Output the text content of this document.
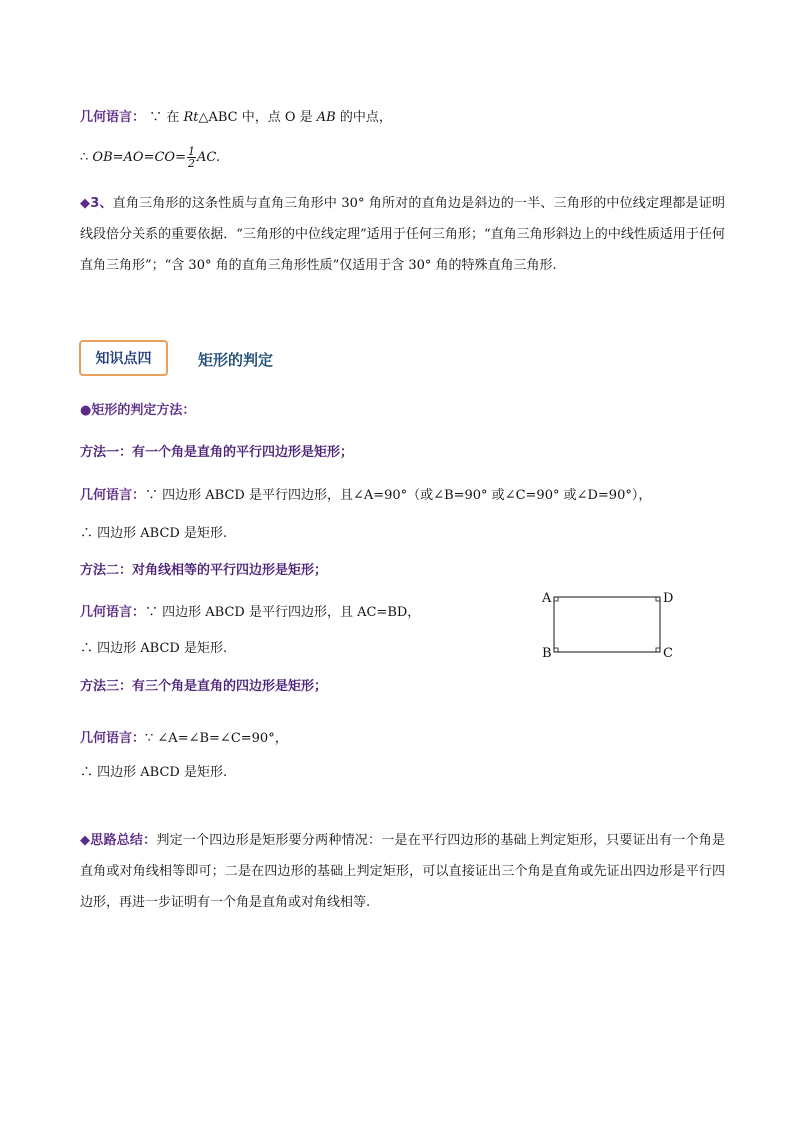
几何语言： ∵ 在 Rt△ABC 中，点 O 是 AB 的中点，
∴ $OB=AO=CO= \frac{1}{2}$ AC.
◆3、直角三角形的这条性质与直角三角形中 30° 角所对的直角边是斜边的一半、三角形的中位线定理都是证明线段倍分关系的重要依据．“三角形的中位线定理”适用于任何三角形；“直角三角形斜边上的中线性质适用于任何直角三角形”；“含 30° 角的直角三角形性质”仅适用于含 30° 角的特殊直角三角形.
知识点四	矩形的判定
●矩形的判定方法：
方法一：有一个角是直角的平行四边形是矩形；
几何语言：∵ 四边形 ABCD 是平行四边形，且∠A=90°（或∠B=90° 或∠C=90° 或∠D=90°），
∴ 四边形 ABCD 是矩形.
方法二：对角线相等的平行四边形是矩形；
几何语言：∵ 四边形 ABCD 是平行四边形，且 AC=BD，
∴ 四边形 ABCD 是矩形.
A	D
B	C
方法三：有三个角是直角的四边形是矩形；
几何语言：∵ ∠A=∠B=∠C=90°，
∴ 四边形 ABCD 是矩形.
◆思路总结：判定一个四边形是矩形要分两种情况：一是在平行四边形的基础上判定矩形，只要证出有一个角是直角或对角线相等即可；二是在四边形的基础上判定矩形，可以直接证出三个角是直角或先证出四边形是平行四边形，再进一步证明有一个角是直角或对角线相等.
